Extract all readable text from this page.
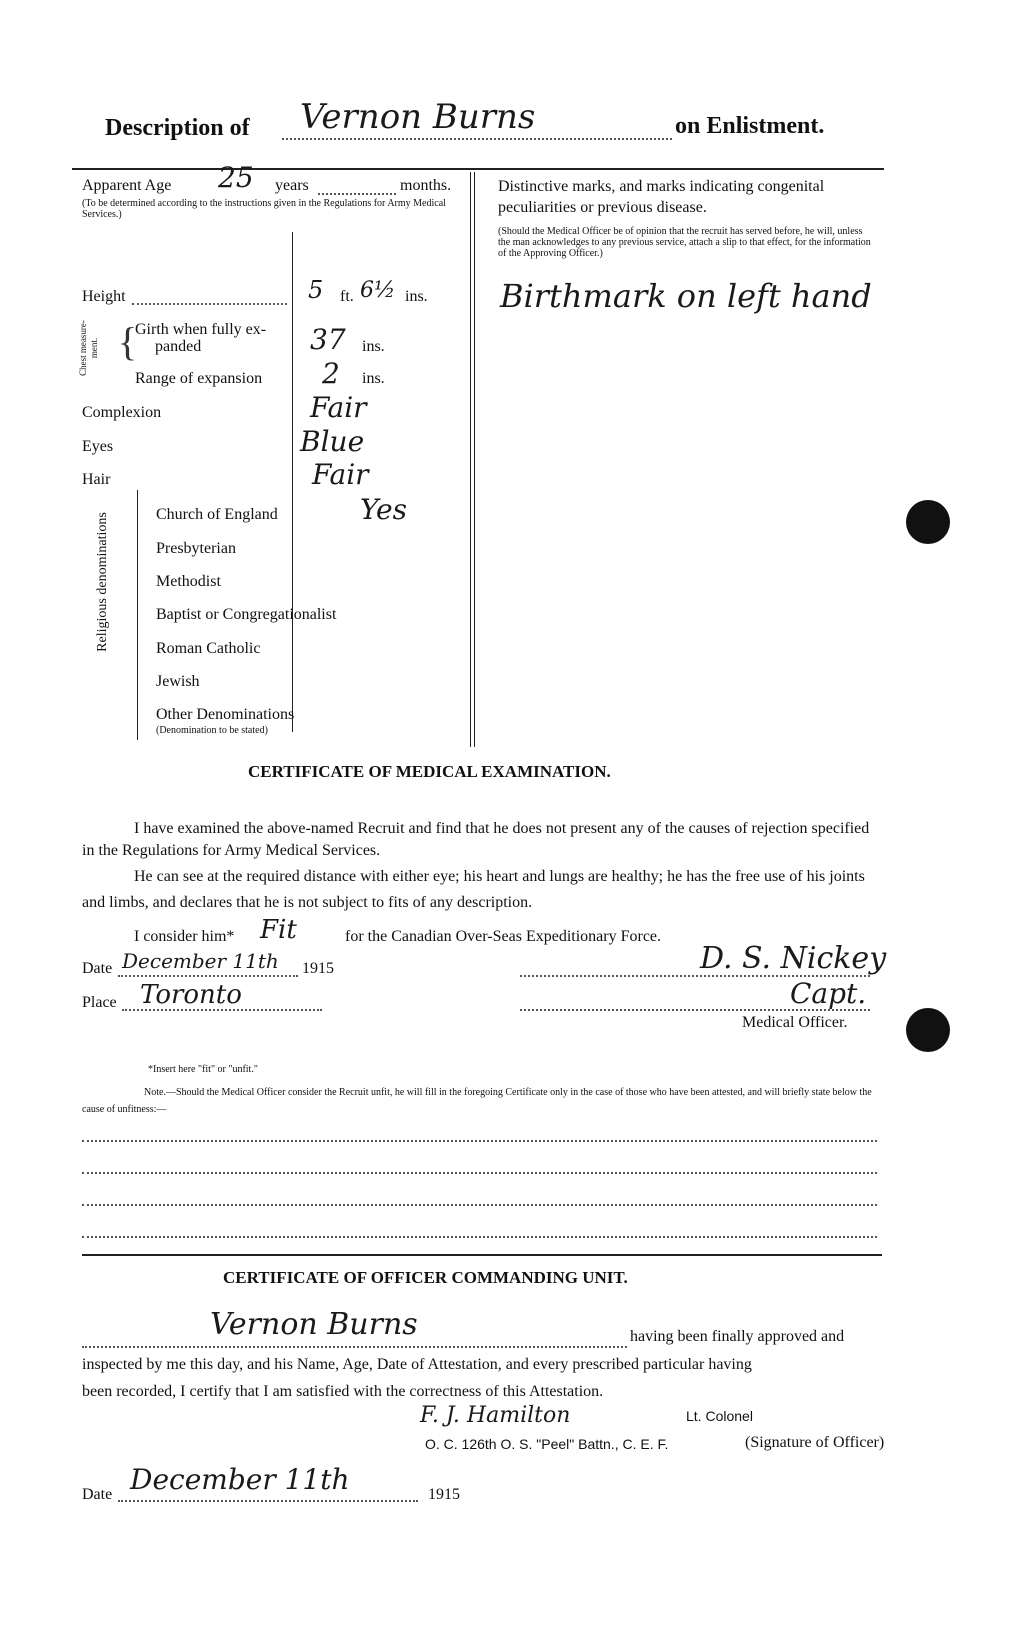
Description of Vernon Burns	on Enlistment.
Apparent Age 25 years	months.
(To be determined according to the instructions given in the Regulations for Army Medical Services.)
Height	5 ft. 6½ ins.
Chest measure-ment. {
Girth when fully ex-
panded	37 ins.
Range of expansion 2 ins.
Complexion	Fair
Eyes	Blue
Hair	Fair
Religious denominations	Church of England	Yes
Presbyterian
Methodist
Baptist or Congregationalist
Roman Catholic
Jewish
Other Denominations
(Denomination to be stated)
Distinctive marks, and marks indicating congenital peculiarities or previous disease.
(Should the Medical Officer be of opinion that the recruit has served before, he will, unless the man acknowledges to any previous service, attach a slip to that effect, for the information of the Approving Officer.)
Birthmark on left hand
CERTIFICATE OF MEDICAL EXAMINATION.
I have examined the above-named Recruit and find that he does not present any of the causes of rejection specified in the Regulations for Army Medical Services.
He can see at the required distance with either eye; his heart and lungs are healthy; he has the free use of his joints and limbs, and declares that he is not subject to fits of any description.
I consider him* Fit	for the Canadian Over-Seas Expeditionary Force.
Date December 11th 1915
Place Toronto
D. S. Nickey
Capt.
Medical Officer.
*Insert here "fit" or "unfit."
Note.—Should the Medical Officer consider the Recruit unfit, he will fill in the foregoing Certificate only in the case of those who have been attested, and will briefly state below the cause of unfitness:—
CERTIFICATE OF OFFICER COMMANDING UNIT.
Vernon Burns	having been finally approved and
inspected by me this day, and his Name, Age, Date of Attestation, and every prescribed particular having
been recorded, I certify that I am satisfied with the correctness of this Attestation.
F. J. Hamilton	Lt. Colonel
O. C. 126th O. S. "Peel" Battn., C. E. F.	(Signature of Officer)
Date December 11th	1915
